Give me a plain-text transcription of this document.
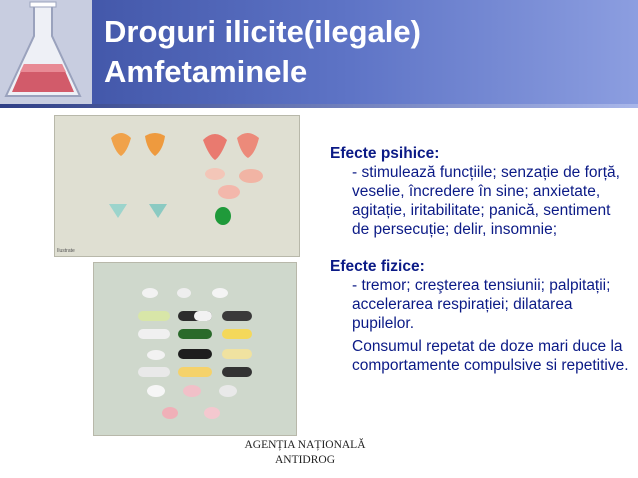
Droguri ilicite(ilegale)
Amfetaminele
Ilustrate

Efecte psihice:

- stimulează funcțiile; senzație de forță, veselie, încredere în sine; anxietate, agitație, iritabilitate; panică, sentiment de persecuție; delir, insomnie;

Efecte fizice:

- tremor; creşterea tensiunii; palpitații; accelerarea respirației; dilatarea pupilelor.

Consumul repetat de doze mari duce la comportamente compulsive si repetitive.

AGENȚIA NAȚIONALĂ
ANTIDROG
